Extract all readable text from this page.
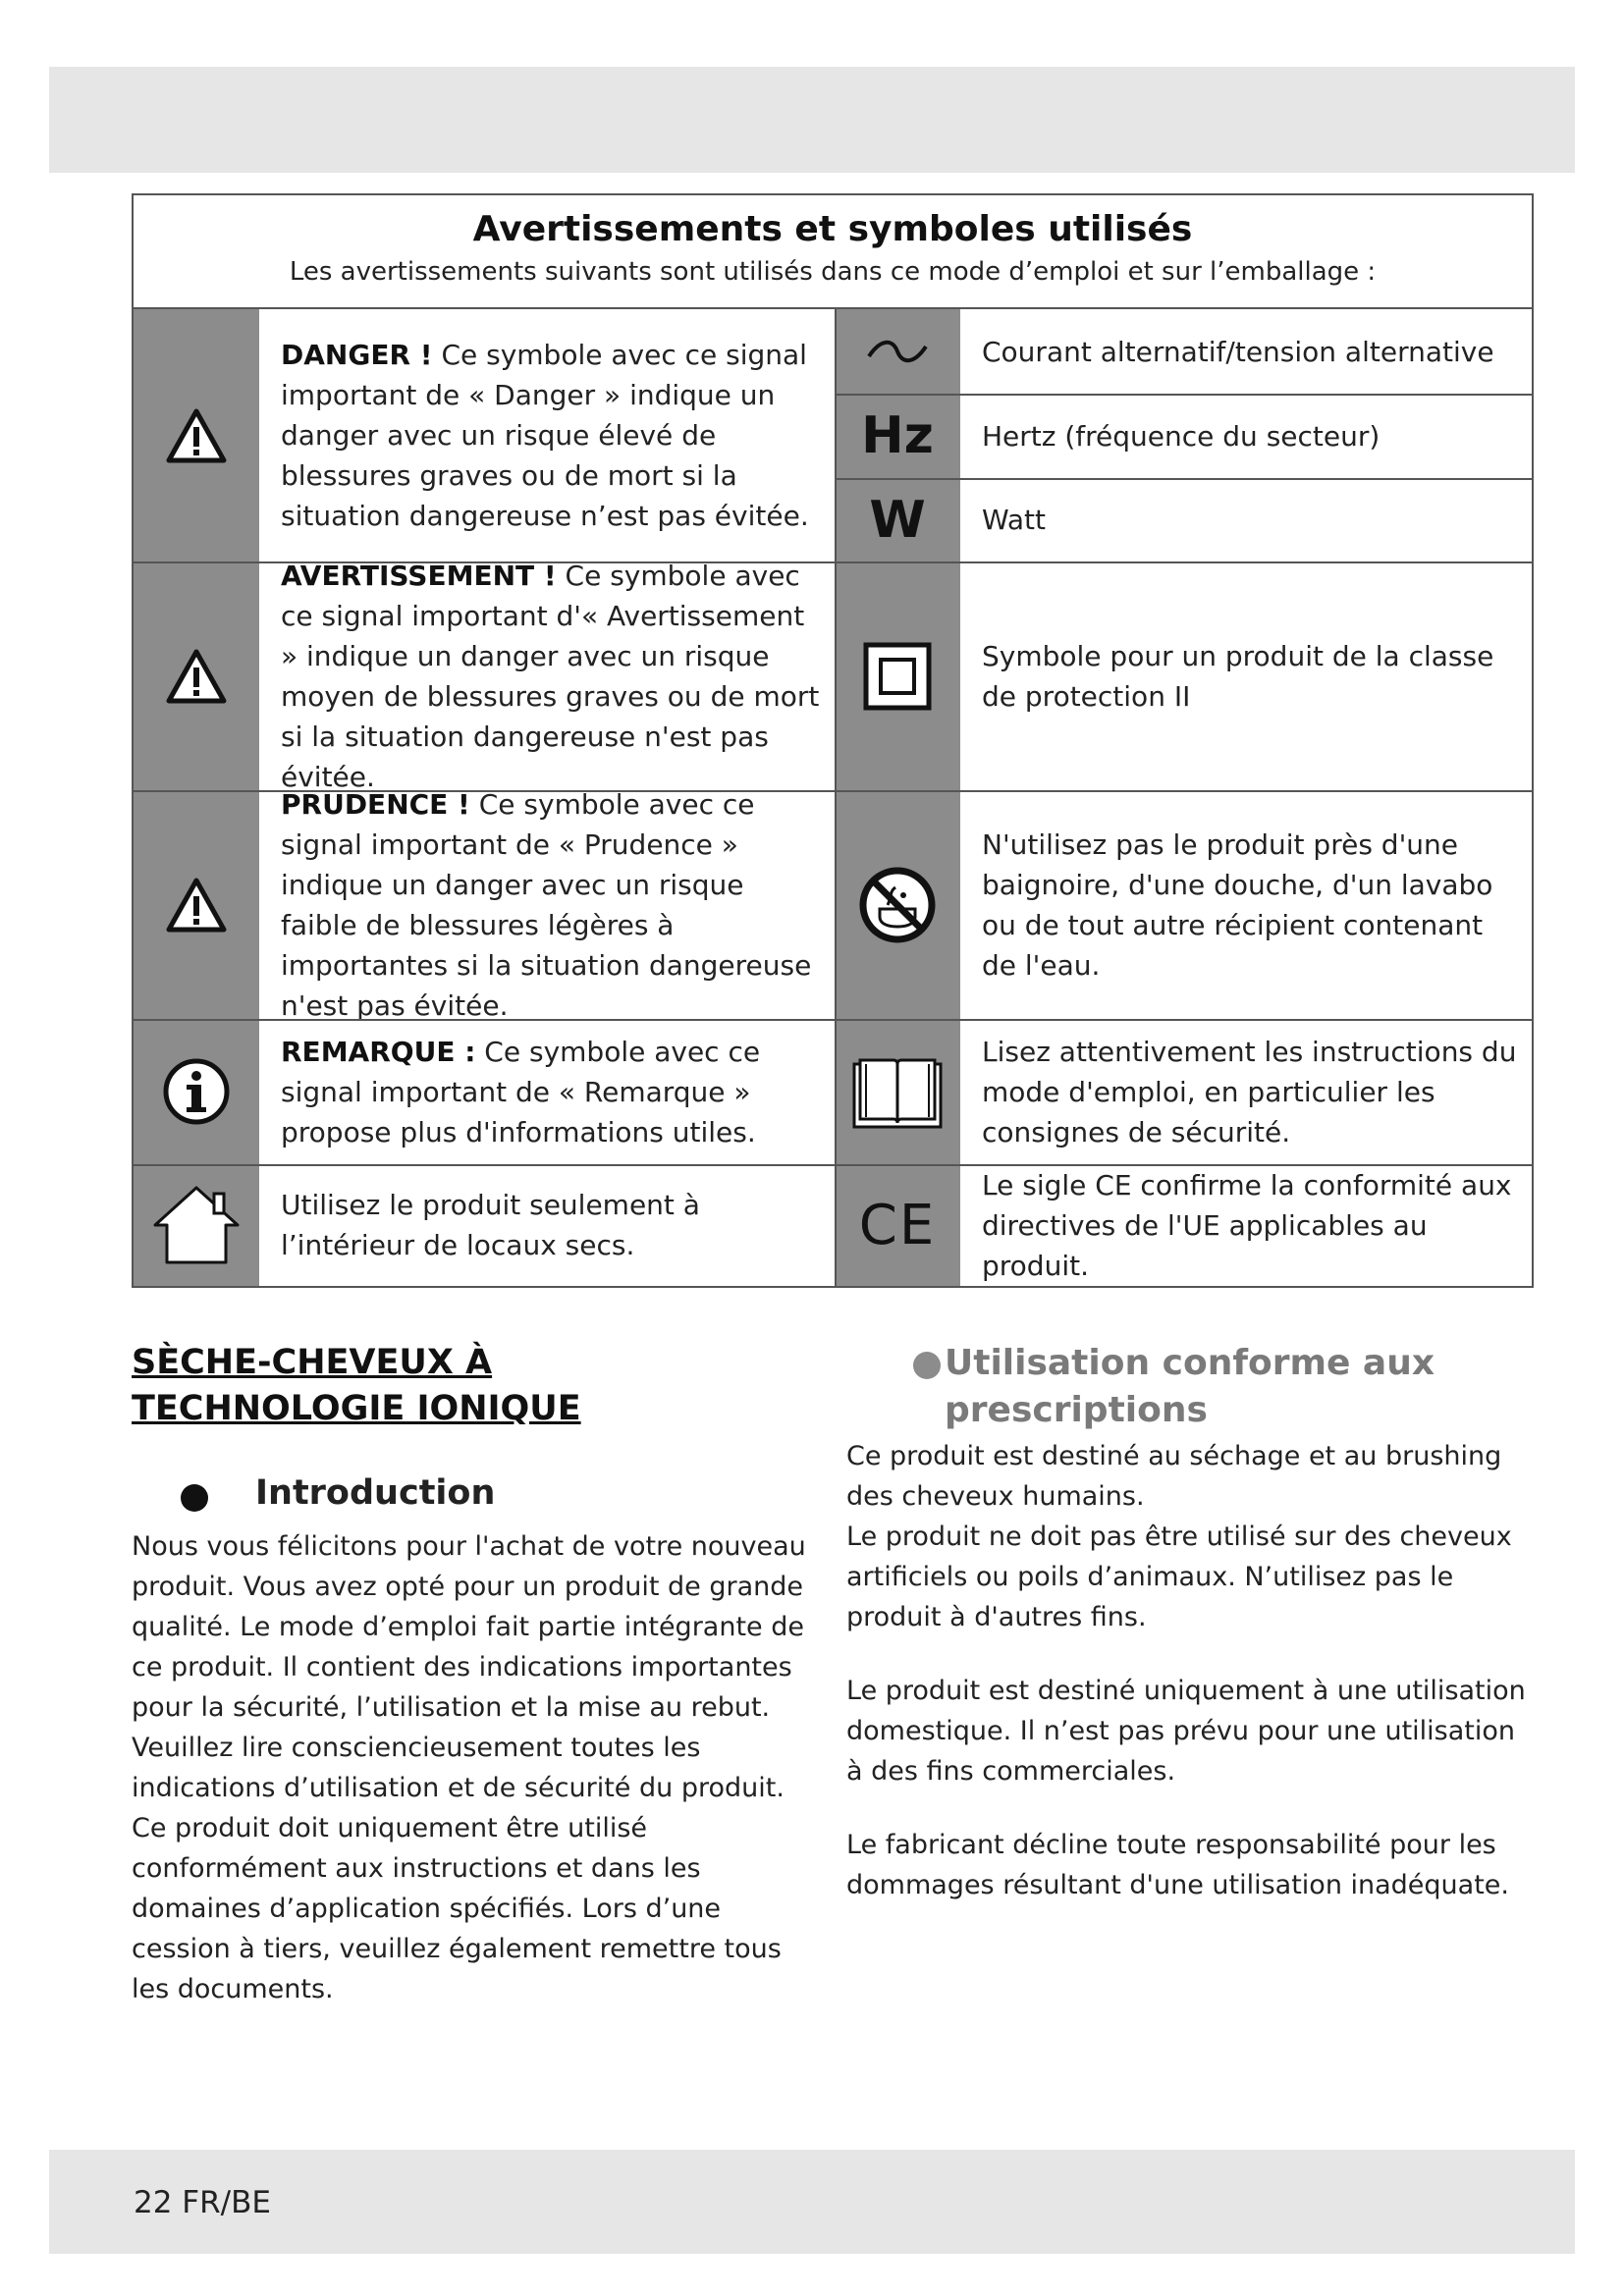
Avertissements et symboles utilisés
Les avertissements suivants sont utilisés dans ce mode d’emploi et sur l’emballage :
DANGER ! Ce symbole avec ce signal important de « Danger » indique un danger avec un risque élevé de blessures graves ou de mort si la situation dangereuse n’est pas évitée.
AVERTISSEMENT ! Ce symbole avec ce signal important d'« Avertissement » indique un danger avec un risque moyen de blessures graves ou de mort si la situation dangereuse n'est pas évitée.
PRUDENCE ! Ce symbole avec ce signal important de « Prudence » indique un danger avec un risque faible de blessures légères à importantes si la situation dangereuse n'est pas évitée.
REMARQUE : Ce symbole avec ce signal important de « Remarque » propose plus d'informations utiles.
Utilisez le produit seulement à l’intérieur de locaux secs.
Courant alternatif/tension alternative
Hz Hertz (fréquence du secteur)
W Watt
Symbole pour un produit de la classe de protection II
N'utilisez pas le produit près d'une baignoire, d'une douche, d'un lavabo ou de tout autre récipient contenant de l'eau.
Lisez attentivement les instructions du mode d'emploi, en particulier les consignes de sécurité.
CE
Le sigle CE confirme la conformité aux directives de l'UE applicables au produit.
SÈCHE-CHEVEUX À TECHNOLOGIE IONIQUE
Introduction
Nous vous félicitons pour l'achat de votre nouveau produit. Vous avez opté pour un produit de grande qualité. Le mode d’emploi fait partie intégrante de ce produit. Il contient des indications importantes pour la sécurité, l’utilisation et la mise au rebut. Veuillez lire consciencieusement toutes les indications d’utilisation et de sécurité du produit. Ce produit doit uniquement être utilisé conformément aux instructions et dans les domaines d’application spécifiés. Lors d’une cession à tiers, veuillez également remettre tous les documents.
Utilisation conforme aux prescriptions

Ce produit est destiné au séchage et au brushing des cheveux humains.

Le produit ne doit pas être utilisé sur des cheveux artificiels ou poils d’animaux. N’utilisez pas le produit à d'autres fins.

Le produit est destiné uniquement à une utilisation domestique. Il n’est pas prévu pour une utilisation à des fins commerciales.

Le fabricant décline toute responsabilité pour les dommages résultant d'une utilisation inadéquate.

22 FR/BE
